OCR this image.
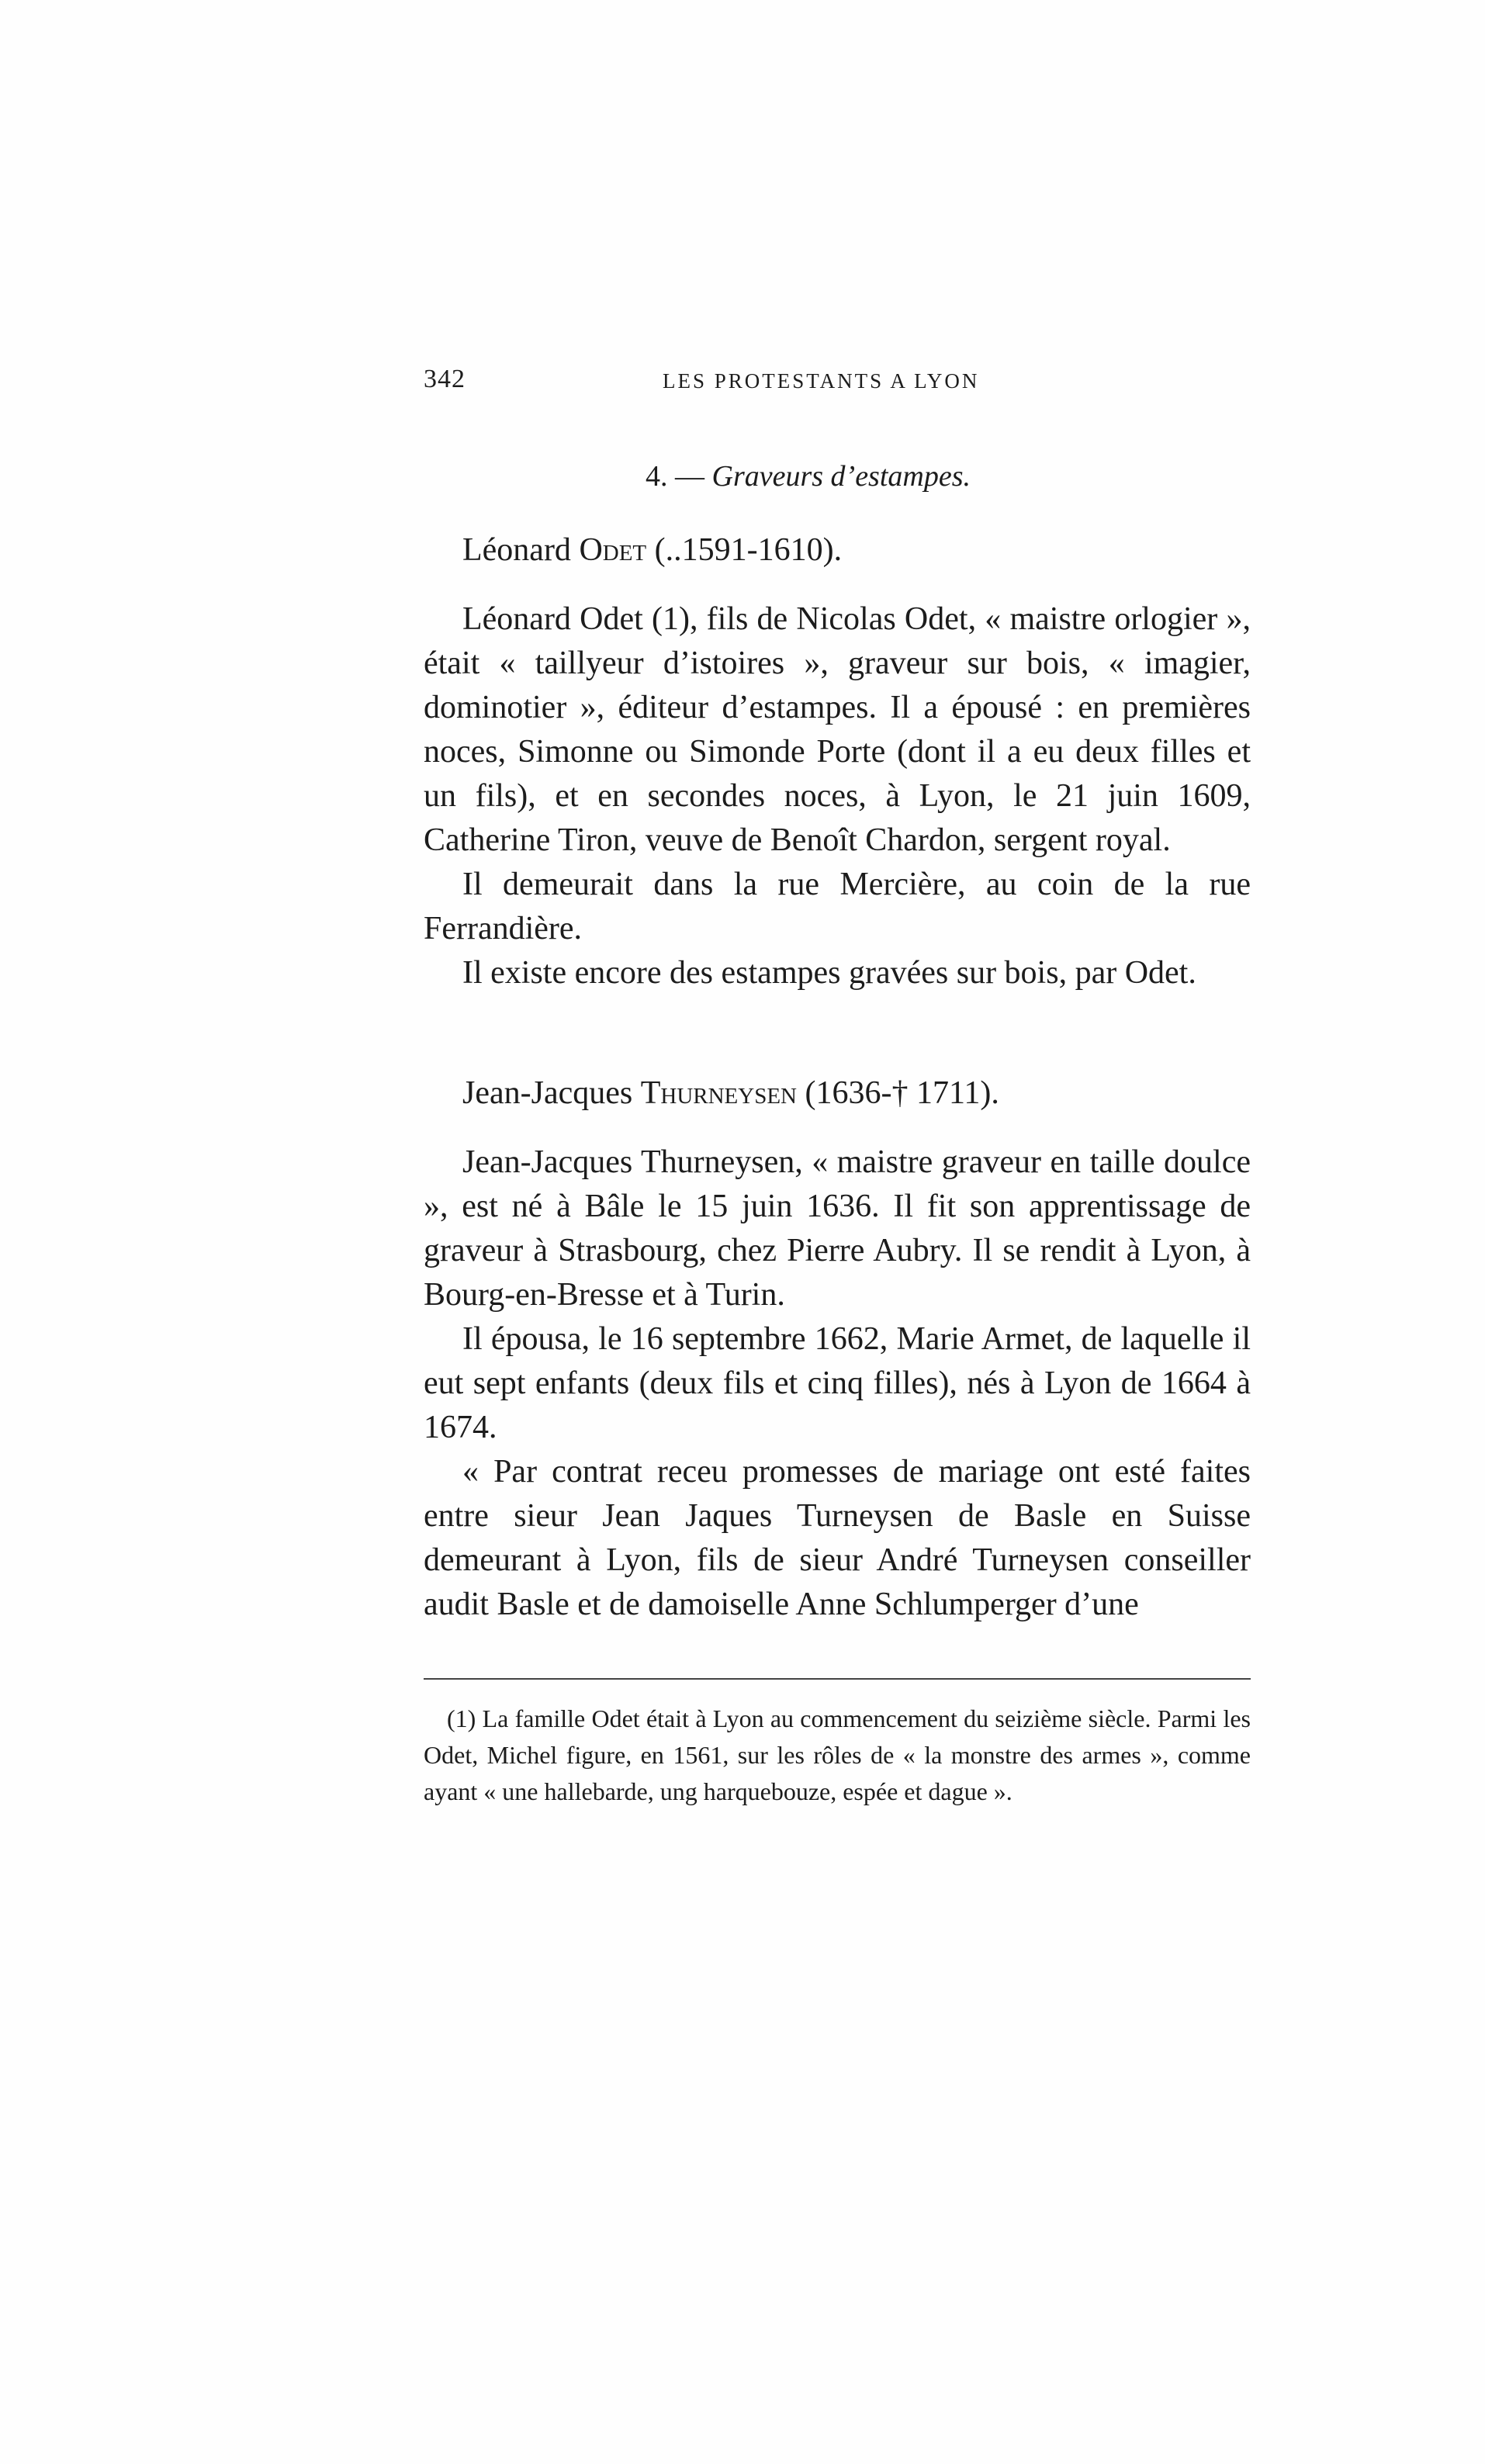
342	LES PROTESTANTS A LYON
4. — Graveurs d’estampes.
Léonard Odet (..1591-1610).

Léonard Odet (1), fils de Nicolas Odet, « maistre orlogier », était « taillyeur d’istoires », graveur sur bois, « imagier, dominotier », éditeur d’estampes. Il a épousé : en premières noces, Simonne ou Simonde Porte (dont il a eu deux filles et un fils), et en secondes noces, à Lyon, le 21 juin 1609, Catherine Tiron, veuve de Benoît Chardon, sergent royal.

Il demeurait dans la rue Mercière, au coin de la rue Ferrandière.

Il existe encore des estampes gravées sur bois, par Odet.

Jean-Jacques Thurneysen (1636-† 1711).

Jean-Jacques Thurneysen, « maistre graveur en taille doulce », est né à Bâle le 15 juin 1636. Il fit son apprentissage de graveur à Strasbourg, chez Pierre Aubry. Il se rendit à Lyon, à Bourg-en-Bresse et à Turin.

Il épousa, le 16 septembre 1662, Marie Armet, de laquelle il eut sept enfants (deux fils et cinq filles), nés à Lyon de 1664 à 1674.

« Par contrat receu promesses de mariage ont esté faites entre sieur Jean Jaques Turneysen de Basle en Suisse demeurant à Lyon, fils de sieur André Turneysen conseiller audit Basle et de damoiselle Anne Schlumperger d’une

(1) La famille Odet était à Lyon au commencement du seizième siècle. Parmi les Odet, Michel figure, en 1561, sur les rôles de « la monstre des armes », comme ayant « une hallebarde, ung harquebouze, espée et dague ».
